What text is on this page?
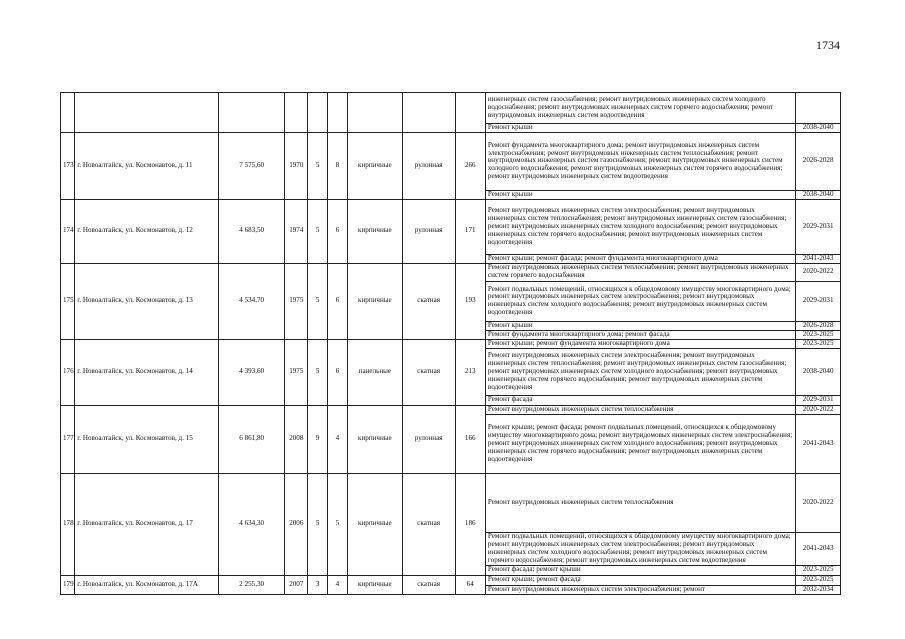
1734
									инженерных систем газоснабжения; ремонт внутридомовых инженерных систем холодного водоснабжения; ремонт внутридомовых инженерных систем горячего водоснабжения; ремонт внутридомовых инженерных систем водоотведения	
									Ремонт крыши	2038-2040
173	г. Новоалтайск, ул. Космонавтов, д. 11	7 575,60	1970	5	8	кирпичные	рулонная	266	Ремонт фундамента многоквартирного дома; ремонт внутридомовых инженерных систем электроснабжения; ремонт внутридомовых инженерных систем теплоснабжения; ремонт внутридомовых инженерных систем газоснабжения; ремонт внутридомовых инженерных систем холодного водоснабжения; ремонт внутридомовых инженерных систем горячего водоснабжения; ремонт внутридомовых инженерных систем водоотведения	2026-2028
									Ремонт крыши	2038-2040
174	г. Новоалтайск, ул. Космонавтов, д. 12	4 683,50	1974	5	6	кирпичные	рулонная	171	Ремонт внутридомовых инженерных систем электроснабжения; ремонт внутридомовых инженерных систем теплоснабжения; ремонт внутридомовых инженерных систем газоснабжения; ремонт внутридомовых инженерных систем холодного водоснабжения; ремонт внутридомовых инженерных систем горячего водоснабжения; ремонт внутридомовых инженерных систем водоотведения	2029-2031
									Ремонт крыши; ремонт фасада; ремонт фундамента многоквартирного дома	2041-2043
175	г. Новоалтайск, ул. Космонавтов, д. 13	4 534,70	1975	5	6	кирпичные	скатная	193	Ремонт внутридомовых инженерных систем теплоснабжения; ремонт внутридомовых инженерных систем горячего водоснабжения	2020-2022
									Ремонт подвальных помещений, относящихся к общедомовому имуществу многоквартирного дома; ремонт внутридомовых инженерных систем электроснабжения; ремонт внутридомовых инженерных систем холодного водоснабжения; ремонт внутридомовых инженерных систем водоотведения	2029-2031
									Ремонт крыши	2026-2028
									Ремонт фундамента многоквартирного дома; ремонт фасада	2023-2025
176	г. Новоалтайск, ул. Космонавтов, д. 14	4 393,60	1975	5	6	панельные	скатная	213	Ремонт крыши; ремонт фундамента многоквартирного дома	2023-2025
									Ремонт внутридомовых инженерных систем электроснабжения; ремонт внутридомовых инженерных систем теплоснабжения; ремонт внутридомовых инженерных систем газоснабжения; ремонт внутридомовых инженерных систем холодного водоснабжения; ремонт внутридомовых инженерных систем горячего водоснабжения; ремонт внутридомовых инженерных систем водоотведения	2038-2040
									Ремонт фасада	2029-2031
177	г. Новоалтайск, ул. Космонавтов, д. 15	6 861,80	2008	9	4	кирпичные	рулонная	166	Ремонт внутридомовых инженерных систем теплоснабжения	2020-2022
									Ремонт крыши; ремонт фасада; ремонт подвальных помещений, относящихся к общедомовому имуществу многоквартирного дома; ремонт внутридомовых инженерных систем электроснабжения; ремонт внутридомовых инженерных систем холодного водоснабжения; ремонт внутридомовых инженерных систем горячего водоснабжения; ремонт внутридомовых инженерных систем водоотведения	2041-2043
178	г. Новоалтайск, ул. Космонавтов, д. 17	4 634,30	2006	5	5	кирпичные	скатная	186	Ремонт внутридомовых инженерных систем теплоснабжения	2020-2022
									Ремонт подвальных помещений, относящихся к общедомовому имуществу многоквартирного дома; ремонт внутридомовых инженерных систем электроснабжения; ремонт внутридомовых инженерных систем холодного водоснабжения; ремонт внутридомовых инженерных систем горячего водоснабжения; ремонт внутридомовых инженерных систем водоотведения	2041-2043
									Ремонт фасада; ремонт крыши	2023-2025
179	г. Новоалтайск, ул. Космонавтов, д. 17А	2 255,30	2007	3	4	кирпичные	скатная	64	Ремонт крыши; ремонт фасада	2023-2025
									Ремонт внутридомовых инженерных систем электроснабжения; ремонт	2032-2034
